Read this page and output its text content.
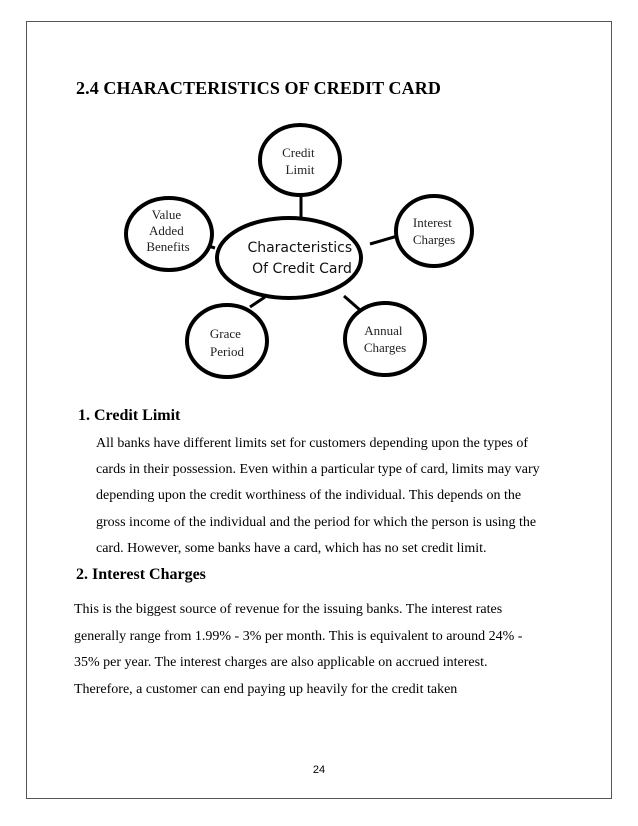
2.4 CHARACTERISTICS OF CREDIT CARD
Credit Limit
Interest Charges
Annual Charges
Grace Period
Value Added Benefits	Characteristics Of Credit Card
1. Credit Limit
All banks have different limits set for customers depending upon the types of
cards in their possession. Even within a particular type of card, limits may vary
depending upon the credit worthiness of the individual. This depends on the
gross income of the individual and the period for which the person is using the
card. However, some banks have a card, which has no set credit limit.
2. Interest Charges
This is the biggest source of revenue for the issuing banks. The interest rates
generally range from 1.99% - 3% per month. This is equivalent to around 24% -
35% per year. The interest charges are also applicable on accrued interest.
Therefore, a customer can end paying up heavily for the credit taken
24
